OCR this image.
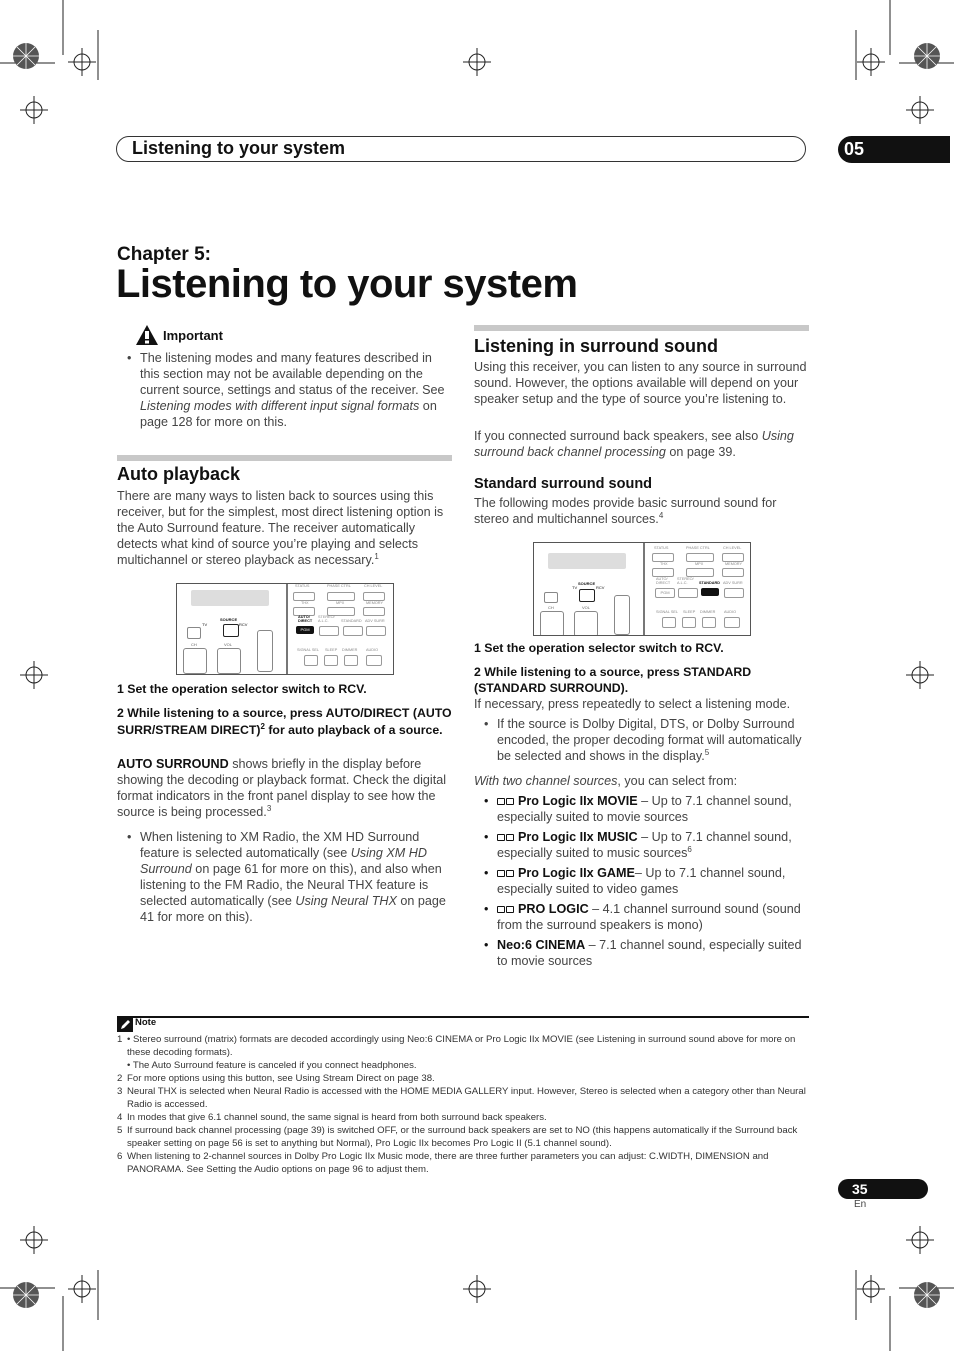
Listening to your system	05
Chapter 5:
Listening to your system
Important
• The listening modes and many features described in this section may not be available depending on the current source, settings and status of the receiver. See Listening modes with different input signal formats on page 128 for more on this.
Auto playback
There are many ways to listen back to sources using this receiver, but for the simplest, most direct listening option is the Auto Surround feature. The receiver automatically detects what kind of source you’re playing and selects multichannel or stereo playback as necessary.$^1$
TV
SOURCE
RCV
CH	VOL
STATUS	PHASE CTRL	CH LEVEL
THX	MPX	MEMORY
AUTO/ DIRECT
STEREO/ A.L.C.	STANDARD ADV SURR
PGM
SIGNAL SEL SLEEP DIMMER AUDIO
1 Set the operation selector switch to RCV.
2 While listening to a source, press AUTO/DIRECT (AUTO SURR/STREAM DIRECT)$^2$ for auto playback of a source.
AUTO SURROUND shows briefly in the display before showing the decoding or playback format. Check the digital format indicators in the front panel display to see how the source is being processed.$^3$
• When listening to XM Radio, the XM HD Surround feature is selected automatically (see Using XM HD Surround on page 61 for more on this), and also when listening to the FM Radio, the Neural THX feature is selected automatically (see Using Neural THX on page 41 for more on this).
Listening in surround sound
Using this receiver, you can listen to any source in surround sound. However, the options available will depend on your speaker setup and the type of source you’re listening to.
If you connected surround back speakers, see also Using surround back channel processing on page 39.
Standard surround sound
The following modes provide basic surround sound for stereo and multichannel sources.$^4$
TV
SOURCE
RCV
CH	VOL
STATUS	PHASE CTRL	CH LEVEL
THX	MPX	MEMORY
AUTO/ DIRECT
STEREO/ A.L.C.	STANDARD ADV SURR
PGM
SIGNAL SEL SLEEP DIMMER AUDIO
1 Set the operation selector switch to RCV.
2 While listening to a source, press STANDARD (STANDARD SURROUND).
If necessary, press repeatedly to select a listening mode.
• If the source is Dolby Digital, DTS, or Dolby Surround encoded, the proper decoding format will automatically be selected and shows in the display.$^5$
With two channel sources, you can select from:
• Pro Logic IIx MOVIE – Up to 7.1 channel sound, especially suited to movie sources
• Pro Logic IIx MUSIC – Up to 7.1 channel sound, especially suited to music sources$^6$
• Pro Logic IIx GAME– Up to 7.1 channel sound, especially suited to video games
• PRO LOGIC – 4.1 channel surround sound (sound from the surround speakers is mono)
• Neo:6 CINEMA – 7.1 channel sound, especially suited to movie sources
Note
1 • Stereo surround (matrix) formats are decoded accordingly using Neo:6 CINEMA or Pro Logic IIx MOVIE (see Listening in surround sound above for more on these decoding formats).
• The Auto Surround feature is canceled if you connect headphones.
2 For more options using this button, see Using Stream Direct on page 38.
3 Neural THX is selected when Neural Radio is accessed with the HOME MEDIA GALLERY input. However, Stereo is selected when a category other than Neural Radio is accessed.
4 In modes that give 6.1 channel sound, the same signal is heard from both surround back speakers.
5 If surround back channel processing (page 39) is switched OFF, or the surround back speakers are set to NO (this happens automatically if the Surround back speaker setting on page 56 is set to anything but Normal), Pro Logic IIx becomes Pro Logic II (5.1 channel sound).
6 When listening to 2-channel sources in Dolby Pro Logic IIx Music mode, there are three further parameters you can adjust: C.WIDTH, DIMENSION and PANORAMA. See Setting the Audio options on page 96 to adjust them.
35
En
